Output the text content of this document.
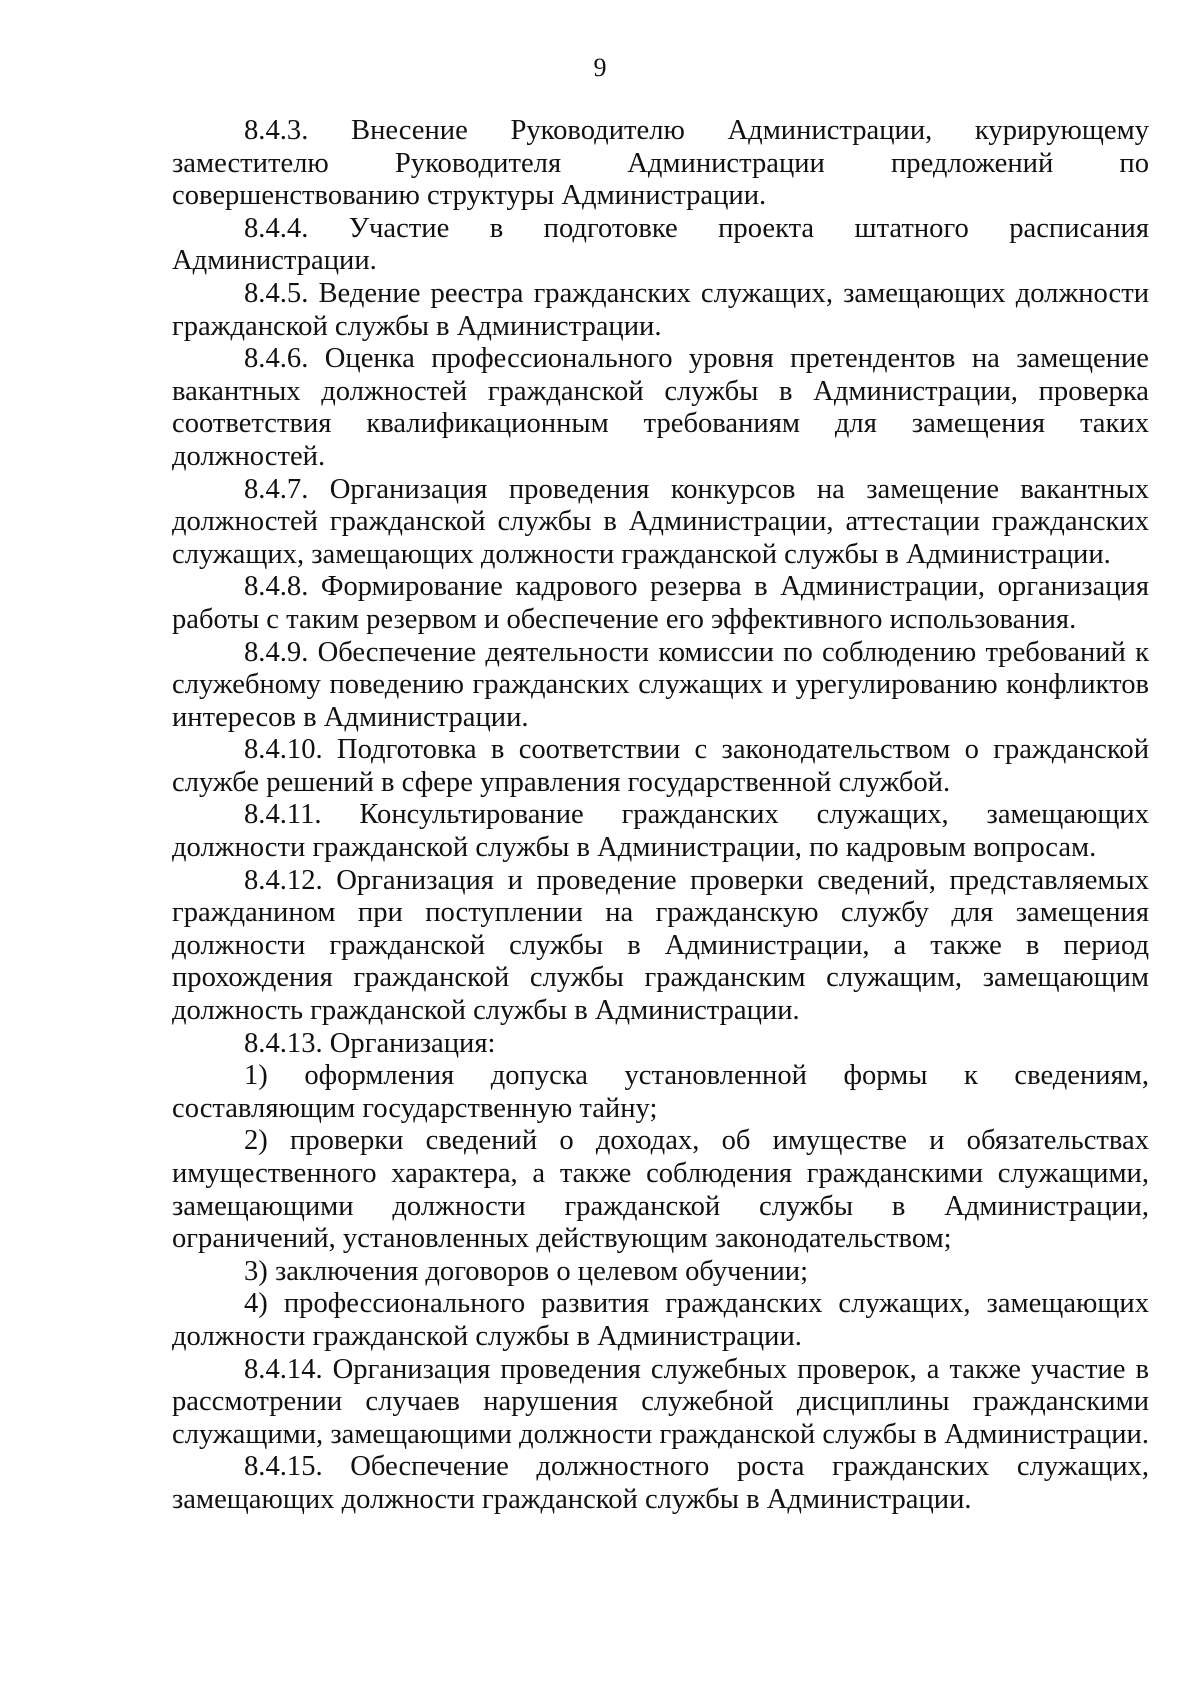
9

8.4.3. Внесение Руководителю Администрации, курирующему заместителю Руководителя Администрации предложений по совершенствованию структуры Администрации.

8.4.4. Участие в подготовке проекта штатного расписания Администрации.

8.4.5. Ведение реестра гражданских служащих, замещающих должности гражданской службы в Администрации.

8.4.6. Оценка профессионального уровня претендентов на замещение вакантных должностей гражданской службы в Администрации, проверка соответствия квалификационным требованиям для замещения таких должностей.

8.4.7. Организация проведения конкурсов на замещение вакантных должностей гражданской службы в Администрации, аттестации гражданских служащих, замещающих должности гражданской службы в Администрации.

8.4.8. Формирование кадрового резерва в Администрации, организация работы с таким резервом и обеспечение его эффективного использования.

8.4.9. Обеспечение деятельности комиссии по соблюдению требований к служебному поведению гражданских служащих и урегулированию конфликтов интересов в Администрации.

8.4.10. Подготовка в соответствии с законодательством о гражданской службе решений в сфере управления государственной службой.

8.4.11. Консультирование гражданских служащих, замещающих должности гражданской службы в Администрации, по кадровым вопросам.

8.4.12. Организация и проведение проверки сведений, представляемых гражданином при поступлении на гражданскую службу для замещения должности гражданской службы в Администрации, а также в период прохождения гражданской службы гражданским служащим, замещающим должность гражданской службы в Администрации.

8.4.13. Организация:

1) оформления допуска установленной формы к сведениям, составляющим государственную тайну;

2) проверки сведений о доходах, об имуществе и обязательствах имущественного характера, а также соблюдения гражданскими служащими, замещающими должности гражданской службы в Администрации, ограничений, установленных действующим законодательством;

3) заключения договоров о целевом обучении;

4) профессионального развития гражданских служащих, замещающих должности гражданской службы в Администрации.

8.4.14. Организация проведения служебных проверок, а также участие в рассмотрении случаев нарушения служебной дисциплины гражданскими служащими, замещающими должности гражданской службы в Администрации.

8.4.15. Обеспечение должностного роста гражданских служащих, замещающих должности гражданской службы в Администрации.
